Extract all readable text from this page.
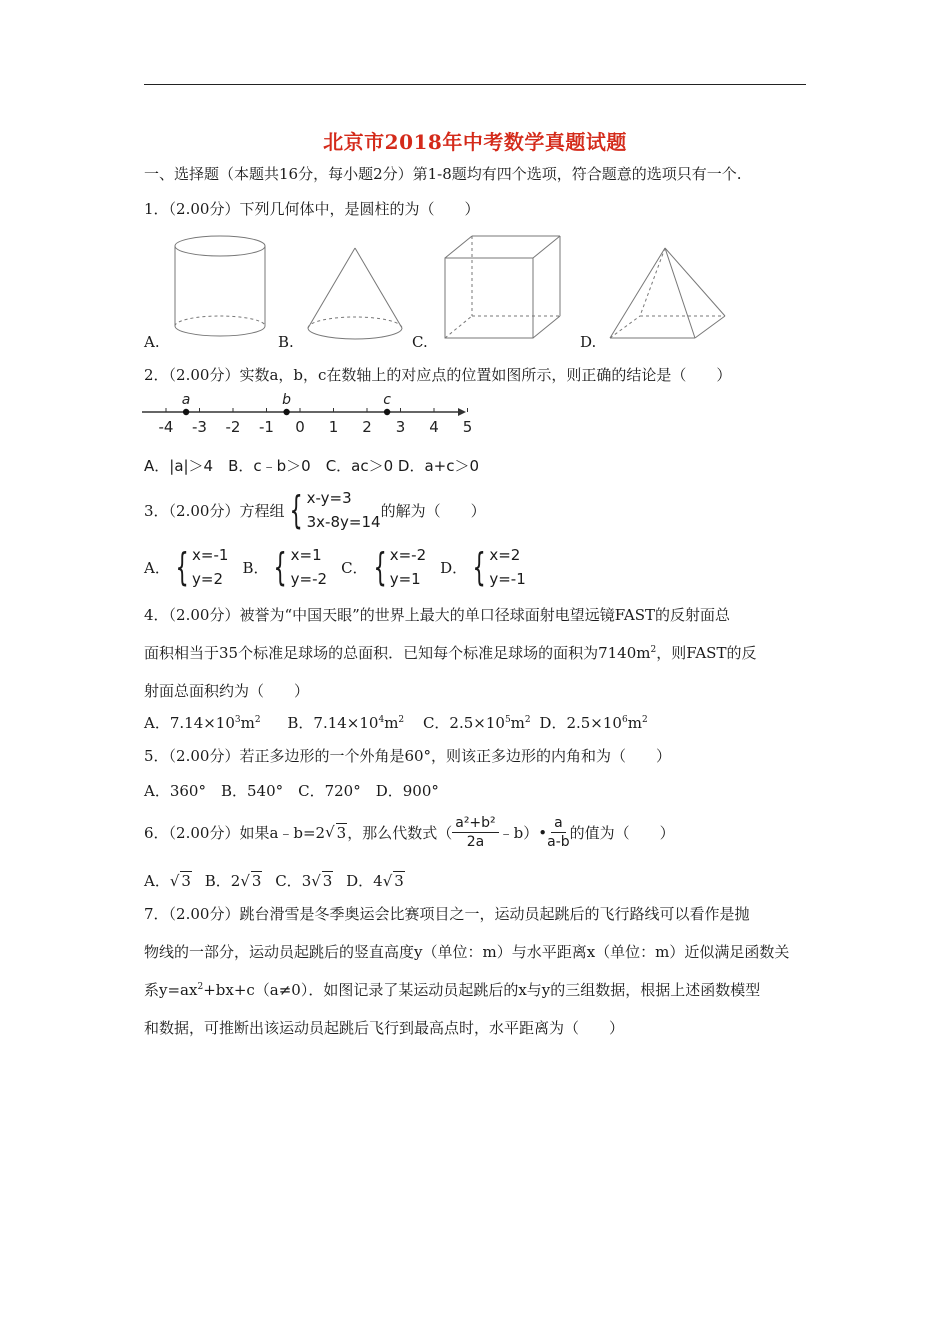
北京市2018年中考数学真题试题
一、选择题（本题共16分，每小题2分）第1-8题均有四个选项，符合题意的选项只有一个.
1．（2.00分）下列几何体中，是圆柱的为（　　）
A.	B.	C.	D.
2．（2.00分）实数a，b，c在数轴上的对应点的位置如图所示，则正确的结论是（　　）
-4 -3 -2 -1 0 1 2 3 4 5
a	b	c
A．|a|＞4　B．c﹣b＞0　C．ac＞0 D．a+c＞0
3．（2.00分）方程组 { x-y=3
3x-8y=14
的解为（　　）
A． { x=-1
y=2
B． { x=1
y=-2
C． { x=-2
y=1
D． { x=2
y=-1
4．（2.00分）被誉为“中国天眼”的世界上最大的单口径球面射电望远镜FAST的反射面总
面积相当于35个标准足球场的总面积．已知每个标准足球场的面积为$7140m^2$，则FAST的反
射面总面积约为（　　）
A．$7.14\times 10^3m^2$ B．$7.14\times 10^4m^2$ C．$2.5\times 10^5m^2$ D．$2.5\times 10^6m^2$
5．（2.00分）若正多边形的一个外角是60°，则该正多边形的内角和为（　　）
A．360°　B．540°　C．720°　D．900°
6．（2.00分）如果a﹣b=2 √ 3 ，那么代数式（ $\frac{\text{a²+b²}}{2a}$ ﹣b）• $\frac{a}{a-b}$ 的值为（　　）
A．√ 3 B．2√ 3 C．3√ 3 D．4√ 3
7．（2.00分）跳台滑雪是冬季奥运会比赛项目之一，运动员起跳后的飞行路线可以看作是抛
物线的一部分，运动员起跳后的竖直高度y（单位：m）与水平距离x（单位：m）近似满足函数关
系$y=ax^2+bx+c(a\ne 0)$．如图记录了某运动员起跳后的x与y的三组数据，根据上述函数模型
和数据，可推断出该运动员起跳后飞行到最高点时，水平距离为（　　）
